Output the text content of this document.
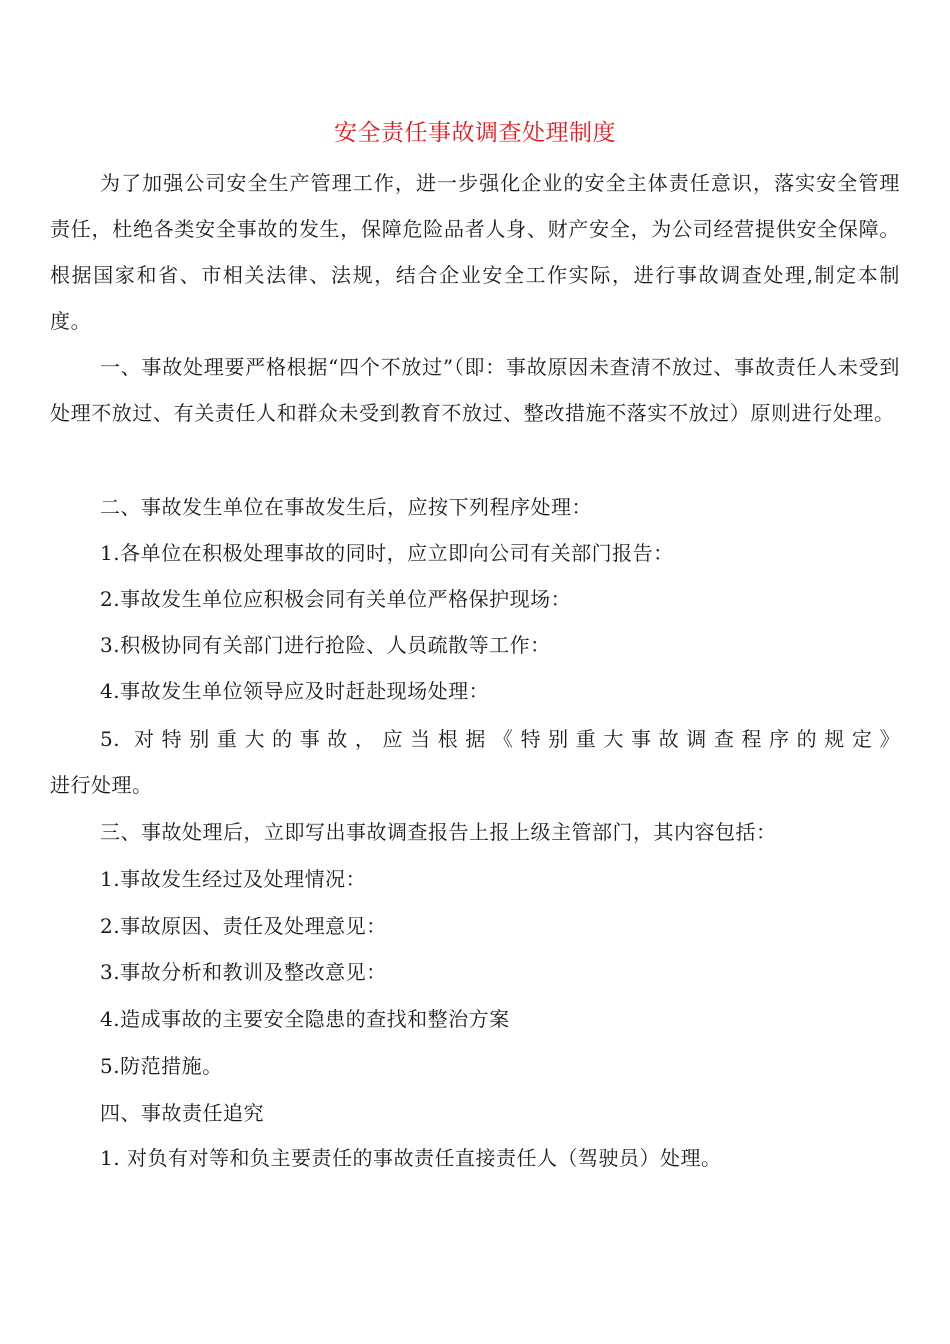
安全责任事故调查处理制度
为了加强公司安全生产管理工作，进一步强化企业的安全主体责任意识，落实安全管理责任，杜绝各类安全事故的发生，保障危险品者人身、财产安全，为公司经营提供安全保障。根据国家和省、市相关法律、法规，结合企业安全工作实际，进行事故调查处理,制定本制度。
一、事故处理要严格根据“四个不放过”（即：事故原因未查清不放过、事故责任人未受到处理不放过、有关责任人和群众未受到教育不放过、整改措施不落实不放过）原则进行处理。
二、事故发生单位在事故发生后，应按下列程序处理：
1.各单位在积极处理事故的同时，应立即向公司有关部门报告：
2.事故发生单位应积极会同有关单位严格保护现场：
3.积极协同有关部门进行抢险、人员疏散等工作：
4.事故发生单位领导应及时赶赴现场处理：
5. 对特别重大的事故，应当根据《特别重大事故调查程序的规定》
进行处理。
三、事故处理后，立即写出事故调查报告上报上级主管部门，其内容包括：
1.事故发生经过及处理情况：
2.事故原因、责任及处理意见：
3.事故分析和教训及整改意见：
4.造成事故的主要安全隐患的查找和整治方案
5.防范措施。
四、事故责任追究
1. 对负有对等和负主要责任的事故责任直接责任人（驾驶员）处理。
